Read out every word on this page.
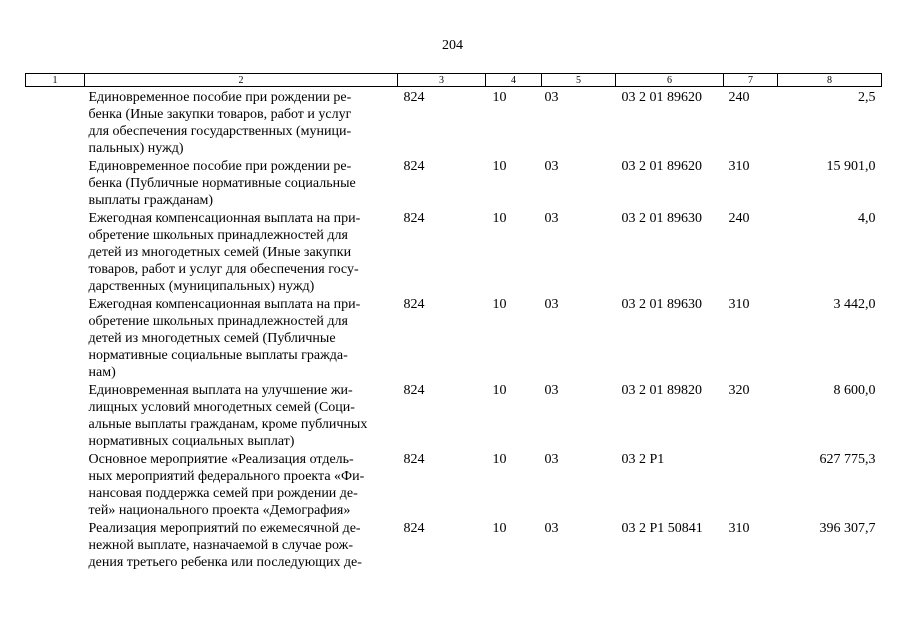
204
1	2	3	4	5	6	7	8
	Единовременное пособие при рождении ре-
бенка (Иные закупки товаров, работ и услуг
для обеспечения государственных (муници-
пальных) нужд)	824	10	03	03 2 01 89620	240	2,5
	Единовременное пособие при рождении ре-
бенка (Публичные нормативные социальные
выплаты гражданам)	824	10	03	03 2 01 89620	310	15 901,0
	Ежегодная компенсационная выплата на при-
обретение школьных принадлежностей для
детей из многодетных семей (Иные закупки
товаров, работ и услуг для обеспечения госу-
дарственных (муниципальных) нужд)	824	10	03	03 2 01 89630	240	4,0
	Ежегодная компенсационная выплата на при-
обретение школьных принадлежностей для
детей из многодетных семей (Публичные
нормативные социальные выплаты гражда-
нам)	824	10	03	03 2 01 89630	310	3 442,0
	Единовременная выплата на улучшение жи-
лищных условий многодетных семей (Соци-
альные выплаты гражданам, кроме публичных
нормативных социальных выплат)	824	10	03	03 2 01 89820	320	8 600,0
	Основное мероприятие «Реализация отдель-
ных мероприятий федерального проекта «Фи-
нансовая поддержка семей при рождении де-
тей» национального проекта «Демография»	824	10	03	03 2 Р1		627 775,3
	Реализация мероприятий по ежемесячной де-
нежной выплате, назначаемой в случае рож-
дения третьего ребенка или последующих де-	824	10	03	03 2 Р1 50841	310	396 307,7
